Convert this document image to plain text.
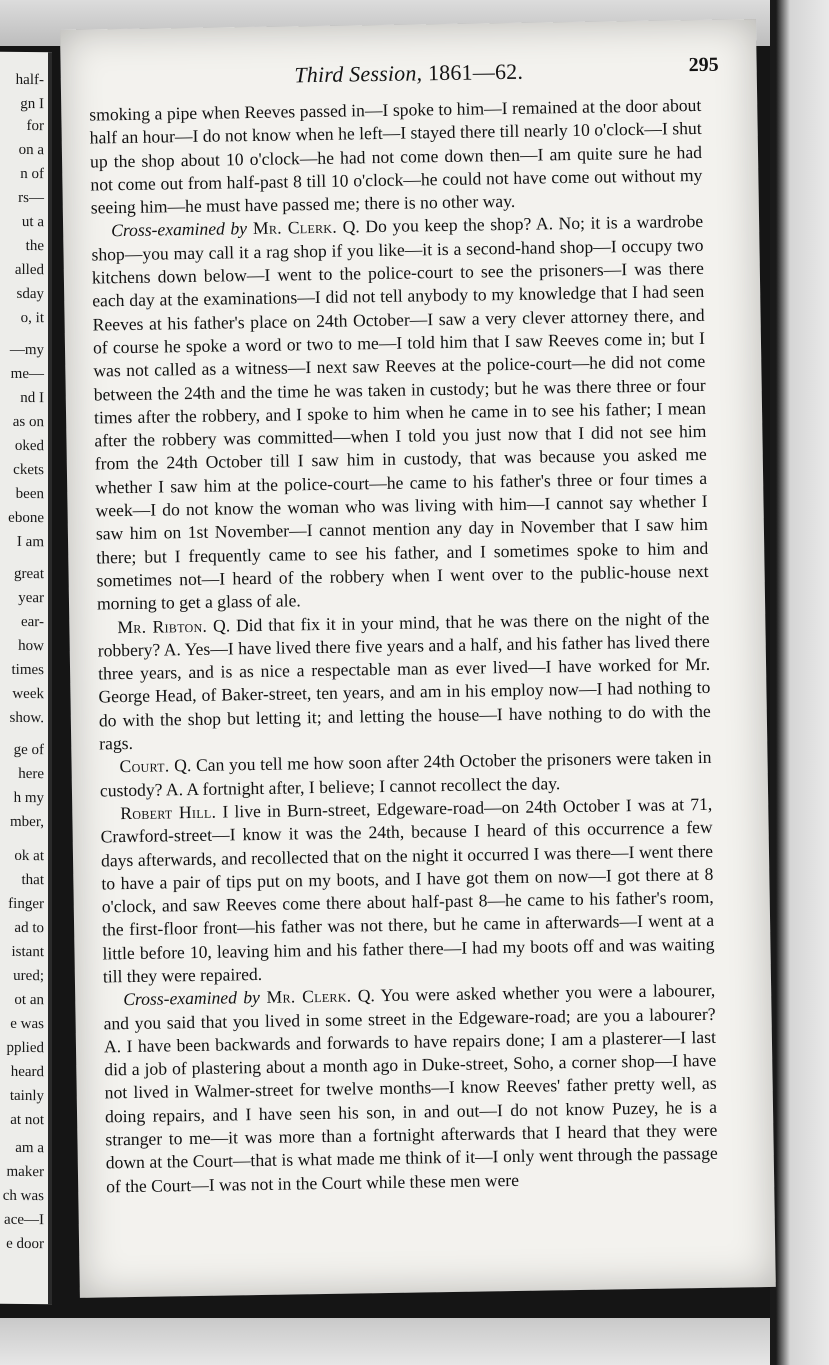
half-
gn I
for
on a
n of
rs—
ut a
the
alled
sday
o, it
—my
me—
nd I
as on
oked
ckets
been
ebone
I am
great
year
ear-
how
times
week
show.
ge of
here
h my
mber,
ok at
that
finger
ad to
istant
ured;
ot an
e was
pplied
heard
tainly
at not
am a
maker
ch was
ace—I
e door
Third Session, 1861—62.	295

smoking a pipe when Reeves passed in—I spoke to him—I remained at the door about half an hour—I do not know when he left—I stayed there till nearly 10 o'clock—I shut up the shop about 10 o'clock—he had not come down then—I am quite sure he had not come out from half-past 8 till 10 o'clock—he could not have come out without my seeing him—he must have passed me; there is no other way.

Cross-examined by Mr. Clerk. Q. Do you keep the shop? A. No; it is a wardrobe shop—you may call it a rag shop if you like—it is a second-hand shop—I occupy two kitchens down below—I went to the police-court to see the prisoners—I was there each day at the examinations—I did not tell anybody to my knowledge that I had seen Reeves at his father's place on 24th October—I saw a very clever attorney there, and of course he spoke a word or two to me—I told him that I saw Reeves come in; but I was not called as a witness—I next saw Reeves at the police-court—he did not come between the 24th and the time he was taken in custody; but he was there three or four times after the robbery, and I spoke to him when he came in to see his father; I mean after the robbery was committed—when I told you just now that I did not see him from the 24th October till I saw him in custody, that was because you asked me whether I saw him at the police-court—he came to his father's three or four times a week—I do not know the woman who was living with him—I cannot say whether I saw him on 1st November—I cannot mention any day in November that I saw him there; but I frequently came to see his father, and I sometimes spoke to him and sometimes not—I heard of the robbery when I went over to the public-house next morning to get a glass of ale.

Mr. Ribton. Q. Did that fix it in your mind, that he was there on the night of the robbery? A. Yes—I have lived there five years and a half, and his father has lived there three years, and is as nice a respectable man as ever lived—I have worked for Mr. George Head, of Baker-street, ten years, and am in his employ now—I had nothing to do with the shop but letting it; and letting the house—I have nothing to do with the rags.

Court. Q. Can you tell me how soon after 24th October the prisoners were taken in custody? A. A fortnight after, I believe; I cannot recollect the day.

Robert Hill. I live in Burn-street, Edgeware-road—on 24th October I was at 71, Crawford-street—I know it was the 24th, because I heard of this occurrence a few days afterwards, and recollected that on the night it occurred I was there—I went there to have a pair of tips put on my boots, and I have got them on now—I got there at 8 o'clock, and saw Reeves come there about half-past 8—he came to his father's room, the first-floor front—his father was not there, but he came in afterwards—I went at a little before 10, leaving him and his father there—I had my boots off and was waiting till they were repaired.

Cross-examined by Mr. Clerk. Q. You were asked whether you were a labourer, and you said that you lived in some street in the Edgeware-road; are you a labourer? A. I have been backwards and forwards to have repairs done; I am a plasterer—I last did a job of plastering about a month ago in Duke-street, Soho, a corner shop—I have not lived in Walmer-street for twelve months—I know Reeves' father pretty well, as doing repairs, and I have seen his son, in and out—I do not know Puzey, he is a stranger to me—it was more than a fortnight afterwards that I heard that they were down at the Court—that is what made me think of it—I only went through the passage of the Court—I was not in the Court while these men were
